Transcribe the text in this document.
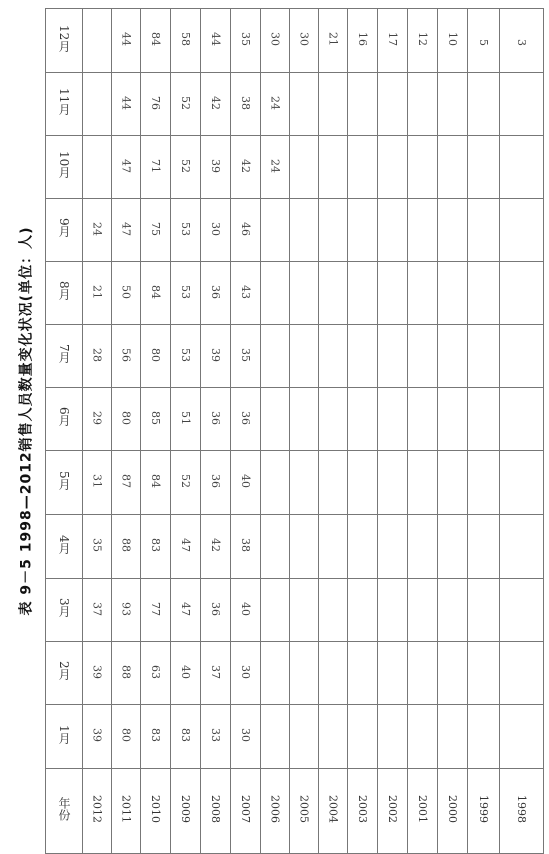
表 9－5 1998—2012销售人员数量变化状况(单位：人)
12月		44	84	58	44	35	30	30	21	16	17	12	10	5	3
11月		44	76	52	42	38	24								
10月		47	71	52	39	42	24								
9月	24	47	75	53	30	46									
8月	21	50	84	53	36	43									
7月	28	56	80	53	39	35									
6月	29	80	85	51	36	36									
5月	31	87	84	52	36	40									
4月	35	88	83	47	42	38									
3月	37	93	77	47	36	40									
2月	39	88	63	40	37	30									
1月	39	80	83	83	33	30									
年份	2012	2011	2010	2009	2008	2007	2006	2005	2004	2003	2002	2001	2000	1999	1998
